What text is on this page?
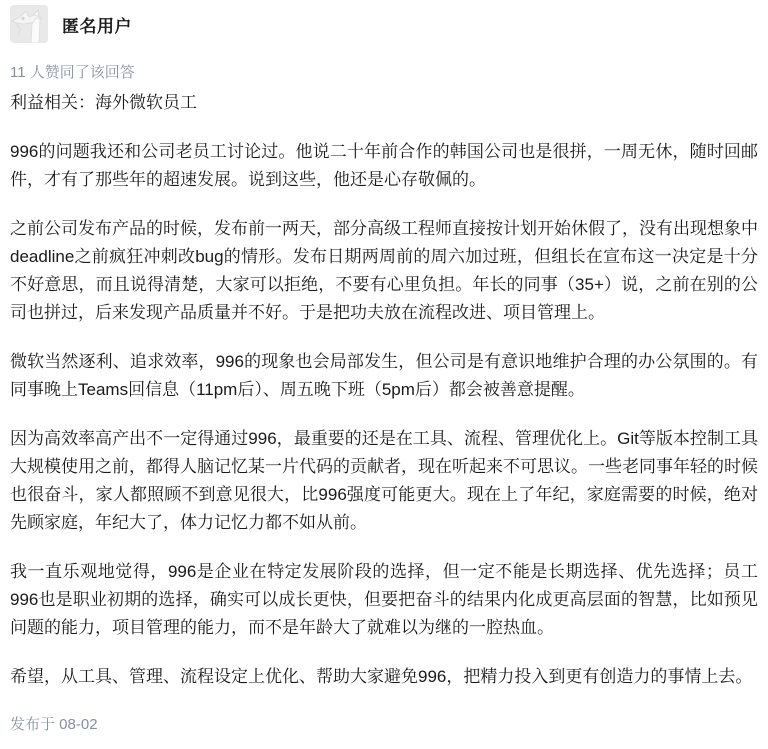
匿名用户
11 人赞同了该回答

利益相关：海外微软员工

996的问题我还和公司老员工讨论过。他说二十年前合作的韩国公司也是很拼，一周无休，随时回邮件，才有了那些年的超速发展。说到这些，他还是心存敬佩的。

之前公司发布产品的时候，发布前一两天，部分高级工程师直接按计划开始休假了，没有出现想象中deadline之前疯狂冲刺改bug的情形。发布日期两周前的周六加过班，但组长在宣布这一决定是十分不好意思，而且说得清楚，大家可以拒绝，不要有心里负担。年长的同事（35+）说，之前在别的公司也拼过，后来发现产品质量并不好。于是把功夫放在流程改进、项目管理上。

微软当然逐利、追求效率，996的现象也会局部发生，但公司是有意识地维护合理的办公氛围的。有同事晚上Teams回信息（11pm后）、周五晚下班（5pm后）都会被善意提醒。

因为高效率高产出不一定得通过996，最重要的还是在工具、流程、管理优化上。Git等版本控制工具大规模使用之前，都得人脑记忆某一片代码的贡献者，现在听起来不可思议。一些老同事年轻的时候也很奋斗，家人都照顾不到意见很大，比996强度可能更大。现在上了年纪，家庭需要的时候，绝对先顾家庭，年纪大了，体力记忆力都不如从前。

我一直乐观地觉得，996是企业在特定发展阶段的选择，但一定不能是长期选择、优先选择；员工996也是职业初期的选择，确实可以成长更快，但要把奋斗的结果内化成更高层面的智慧，比如预见问题的能力，项目管理的能力，而不是年龄大了就难以为继的一腔热血。

希望，从工具、管理、流程设定上优化、帮助大家避免996，把精力投入到更有创造力的事情上去。

发布于 08-02
